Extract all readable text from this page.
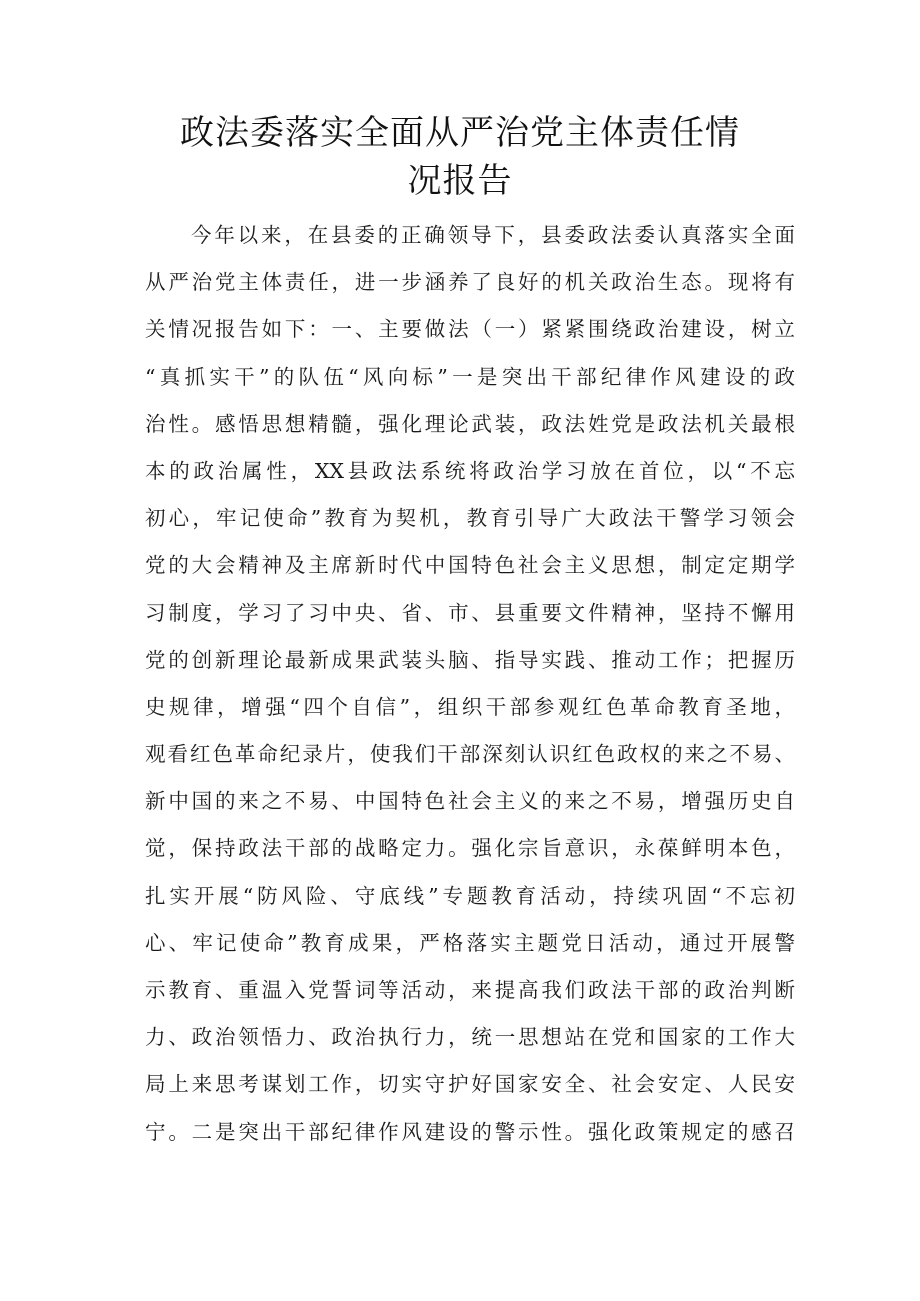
政法委落实全面从严治党主体责任情
况报告
今年以来，在县委的正确领导下，县委政法委认真落实全面
从严治党主体责任，进一步涵养了良好的机关政治生态。现将有
关情况报告如下：一、主要做法（一）紧紧围绕政治建设，树立
“真抓实干”的队伍“风向标”一是突出干部纪律作风建设的政
治性。感悟思想精髓，强化理论武装，政法姓党是政法机关最根
本的政治属性，XX县政法系统将政治学习放在首位，以“不忘
初心，牢记使命”教育为契机，教育引导广大政法干警学习领会
党的大会精神及主席新时代中国特色社会主义思想，制定定期学
习制度，学习了习中央、省、市、县重要文件精神，坚持不懈用
党的创新理论最新成果武装头脑、指导实践、推动工作；把握历
史规律，增强“四个自信”，组织干部参观红色革命教育圣地，
观看红色革命纪录片，使我们干部深刻认识红色政权的来之不易、
新中国的来之不易、中国特色社会主义的来之不易，增强历史自
觉，保持政法干部的战略定力。强化宗旨意识，永葆鲜明本色，
扎实开展“防风险、守底线”专题教育活动，持续巩固“不忘初
心、牢记使命”教育成果，严格落实主题党日活动，通过开展警
示教育、重温入党誓词等活动，来提高我们政法干部的政治判断
力、政治领悟力、政治执行力，统一思想站在党和国家的工作大
局上来思考谋划工作，切实守护好国家安全、社会安定、人民安
宁。二是突出干部纪律作风建设的警示性。强化政策规定的感召
